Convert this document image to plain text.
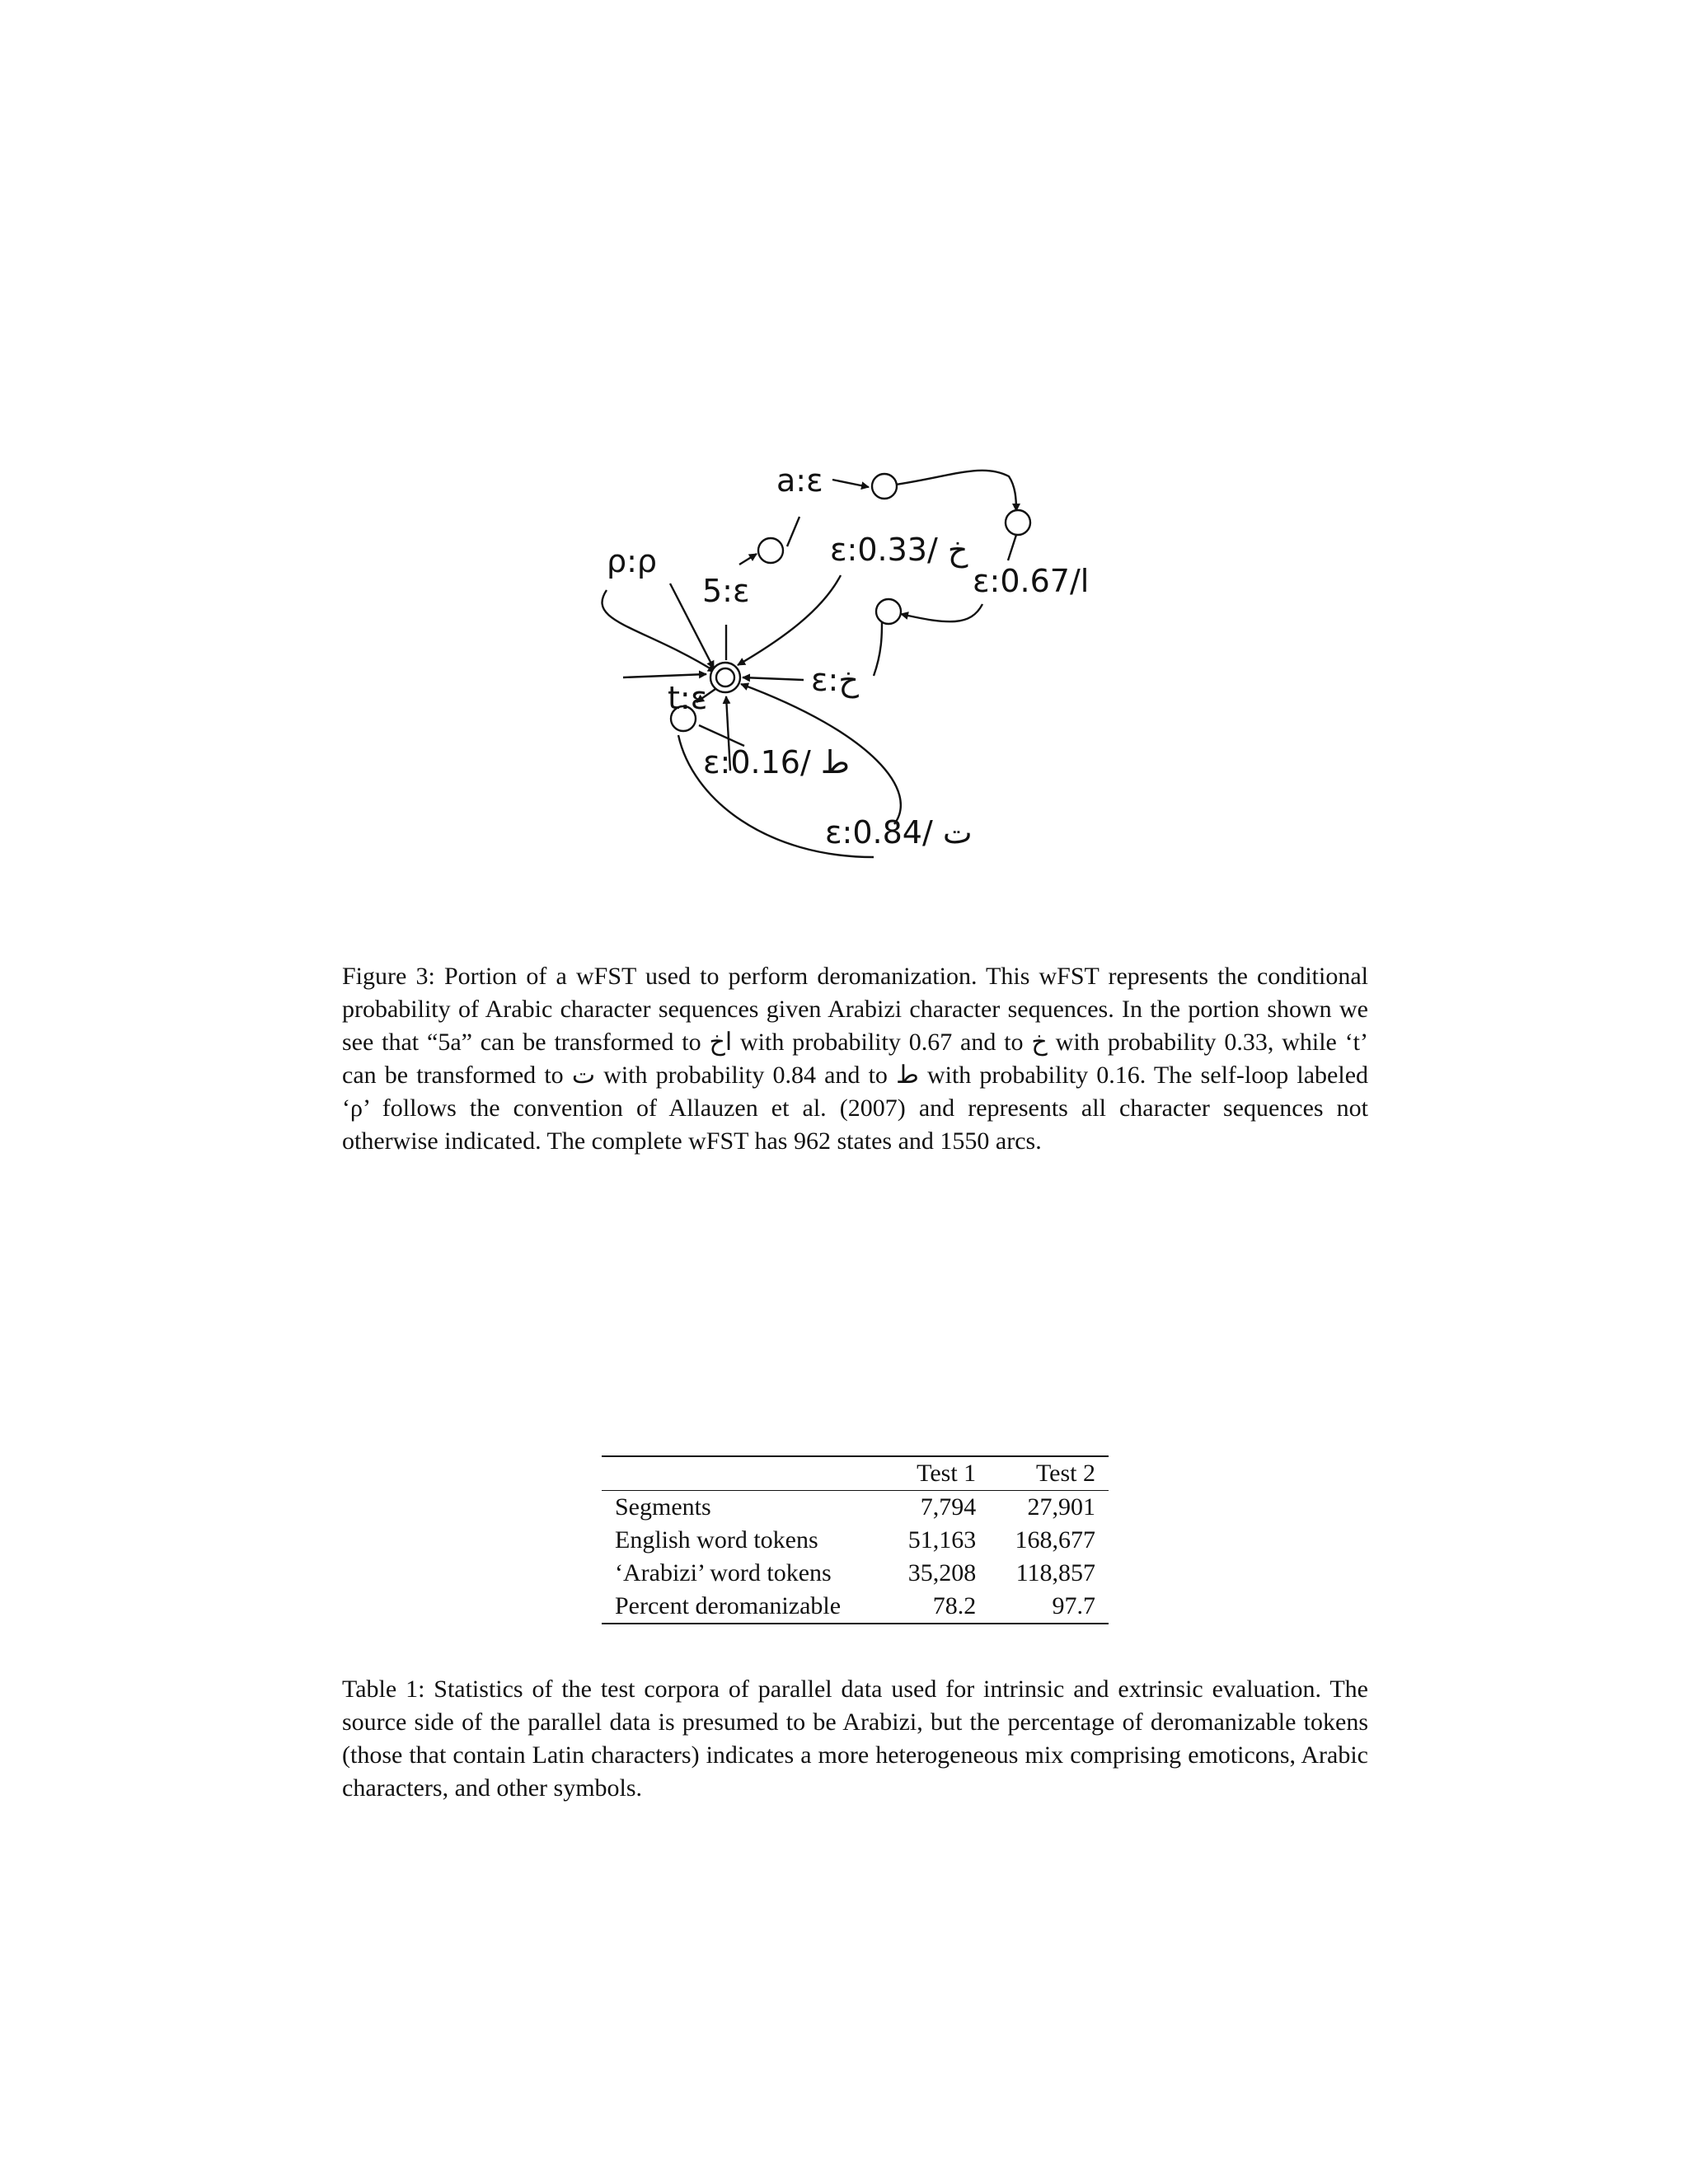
a:ɛ
ρ:ρ
5:ɛ
ɛ:خ /0.33
ɛ:ا/0.67
ɛ:خ
t:ɛ
ɛ:ط /0.16
ɛ:ت /0.84

Figure 3: Portion of a wFST used to perform deromanization. This wFST represents the conditional probability of Arabic character sequences given Arabizi character sequences. In the portion shown we see that “5a” can be transformed to اخ with probability 0.67 and to خ with probability 0.33, while ‘t’ can be transformed to ت with probability 0.84 and to ط with probability 0.16. The self-loop labeled ‘ρ’ follows the convention of Allauzen et al. (2007) and represents all character sequences not otherwise indicated. The complete wFST has 962 states and 1550 arcs.

	Test 1	Test 2
Segments	7,794	27,901
English word tokens	51,163	168,677
‘Arabizi’ word tokens	35,208	118,857
Percent deromanizable	78.2	97.7

Table 1: Statistics of the test corpora of parallel data used for intrinsic and extrinsic evaluation. The source side of the parallel data is presumed to be Arabizi, but the percentage of deromanizable tokens (those that contain Latin characters) indicates a more heterogeneous mix comprising emoticons, Arabic characters, and other symbols.
